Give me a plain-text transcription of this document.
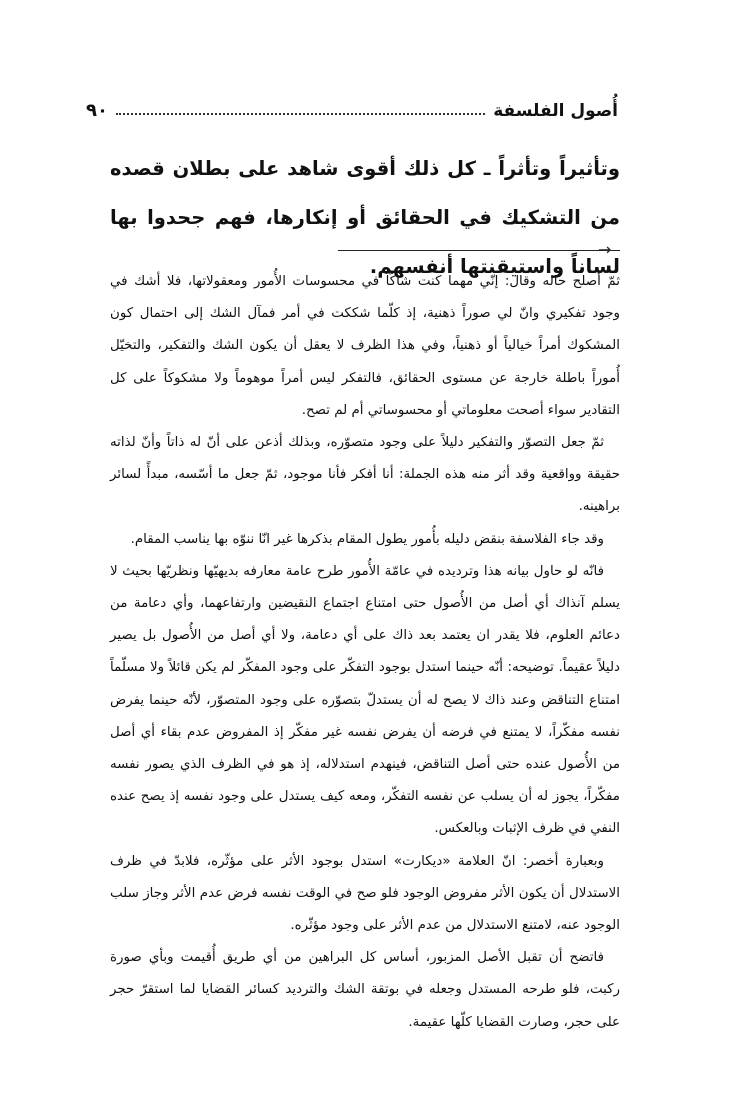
أُصول الفلسفة
٩٠

وتأثيراً وتأثراً ـ كل ذلك أقوى شاهد على بطلان قصده من التشكيك في الحقائق أو إنكارها، فهم جحدوا بها لساناً واستيقنتها أنفسهم.

→

ثمّ أصلح حاله وقال: إنّي مهما كنت شاكّاً في محسوسات الأُمور ومعقولاتها، فلا أشك في وجود تفكيري وانّ لي صوراً ذهنية، إذ كلّما شككت في أمر فمآل الشك إلى احتمال كون المشكوك أمراً خيالياً أو ذهنياً، وفي هذا الظرف لا يعقل أن يكون الشك والتفكير، والتخيّل أُموراً باطلة خارجة عن مستوى الحقائق، فالتفكر ليس أمراً موهوماً ولا مشكوكاً على كل التقادير سواء أصحت معلوماتي أو محسوساتي أم لم تصح.

ثمّ جعل التصوّر والتفكير دليلاً على وجود متصوّره، وبذلك أذعن على أنّ له ذاتاً وأنّ لذاته حقيقة وواقعية وقد أثر منه هذه الجملة: أنا أفكر فأنا موجود، ثمّ جعل ما أسّسه، مبدأً لسائر براهينه.

وقد جاء الفلاسفة بنقض دليله بأُمور يطول المقام بذكرها غير انّا ننوّه بها يناسب المقام.

فانّه لو حاول بيانه هذا وترديده في عامّة الأُمور طرح عامة معارفه بديهيّها ونظريّها بحيث لا يسلم آنذاك أي أصل من الأُصول حتى امتناع اجتماع النقيضين وارتفاعهما، وأي دعامة من دعائم العلوم، فلا يقدر ان يعتمد بعد ذاك على أي دعامة، ولا أي أصل من الأُصول بل يصير دليلاً عقيماً. توضيحه: أنّه حينما استدل بوجود التفكّر على وجود المفكّر لم يكن قائلاً ولا مسلّماً امتناع التناقض وعند ذاك لا يصح له أن يستدلّ بتصوّره على وجود المتصوّر، لأنّه حينما يفرض نفسه مفكّراً، لا يمتنع في فرضه أن يفرض نفسه غير مفكّر إذ المفروض عدم بقاء أي أصل من الأُصول عنده حتى أصل التناقض، فينهدم استدلاله، إذ هو في الظرف الذي يصور نفسه مفكّراً، يجوز له أن يسلب عن نفسه التفكّر، ومعه كيف يستدل على وجود نفسه إذ يصح عنده النفي في ظرف الإثبات وبالعكس.

وبعبارة أخصر: انّ العلامة «ديكارت» استدل بوجود الأثر على مؤثّره، فلابدّ في ظرف الاستدلال أن يكون الأثر مفروض الوجود فلو صح في الوقت نفسه فرض عدم الأثر وجاز سلب الوجود عنه، لامتنع الاستدلال من عدم الأثر على وجود مؤثّره.

فاتضح أن تقبل الأصل المزبور، أساس كل البراهين من أي طريق أُقيمت وبأي صورة ركبت، فلو طرحه المستدل وجعله في بوتقة الشك والترديد كسائر القضايا لما استقرّ حجر على حجر، وصارت القضايا كلّها عقيمة.
